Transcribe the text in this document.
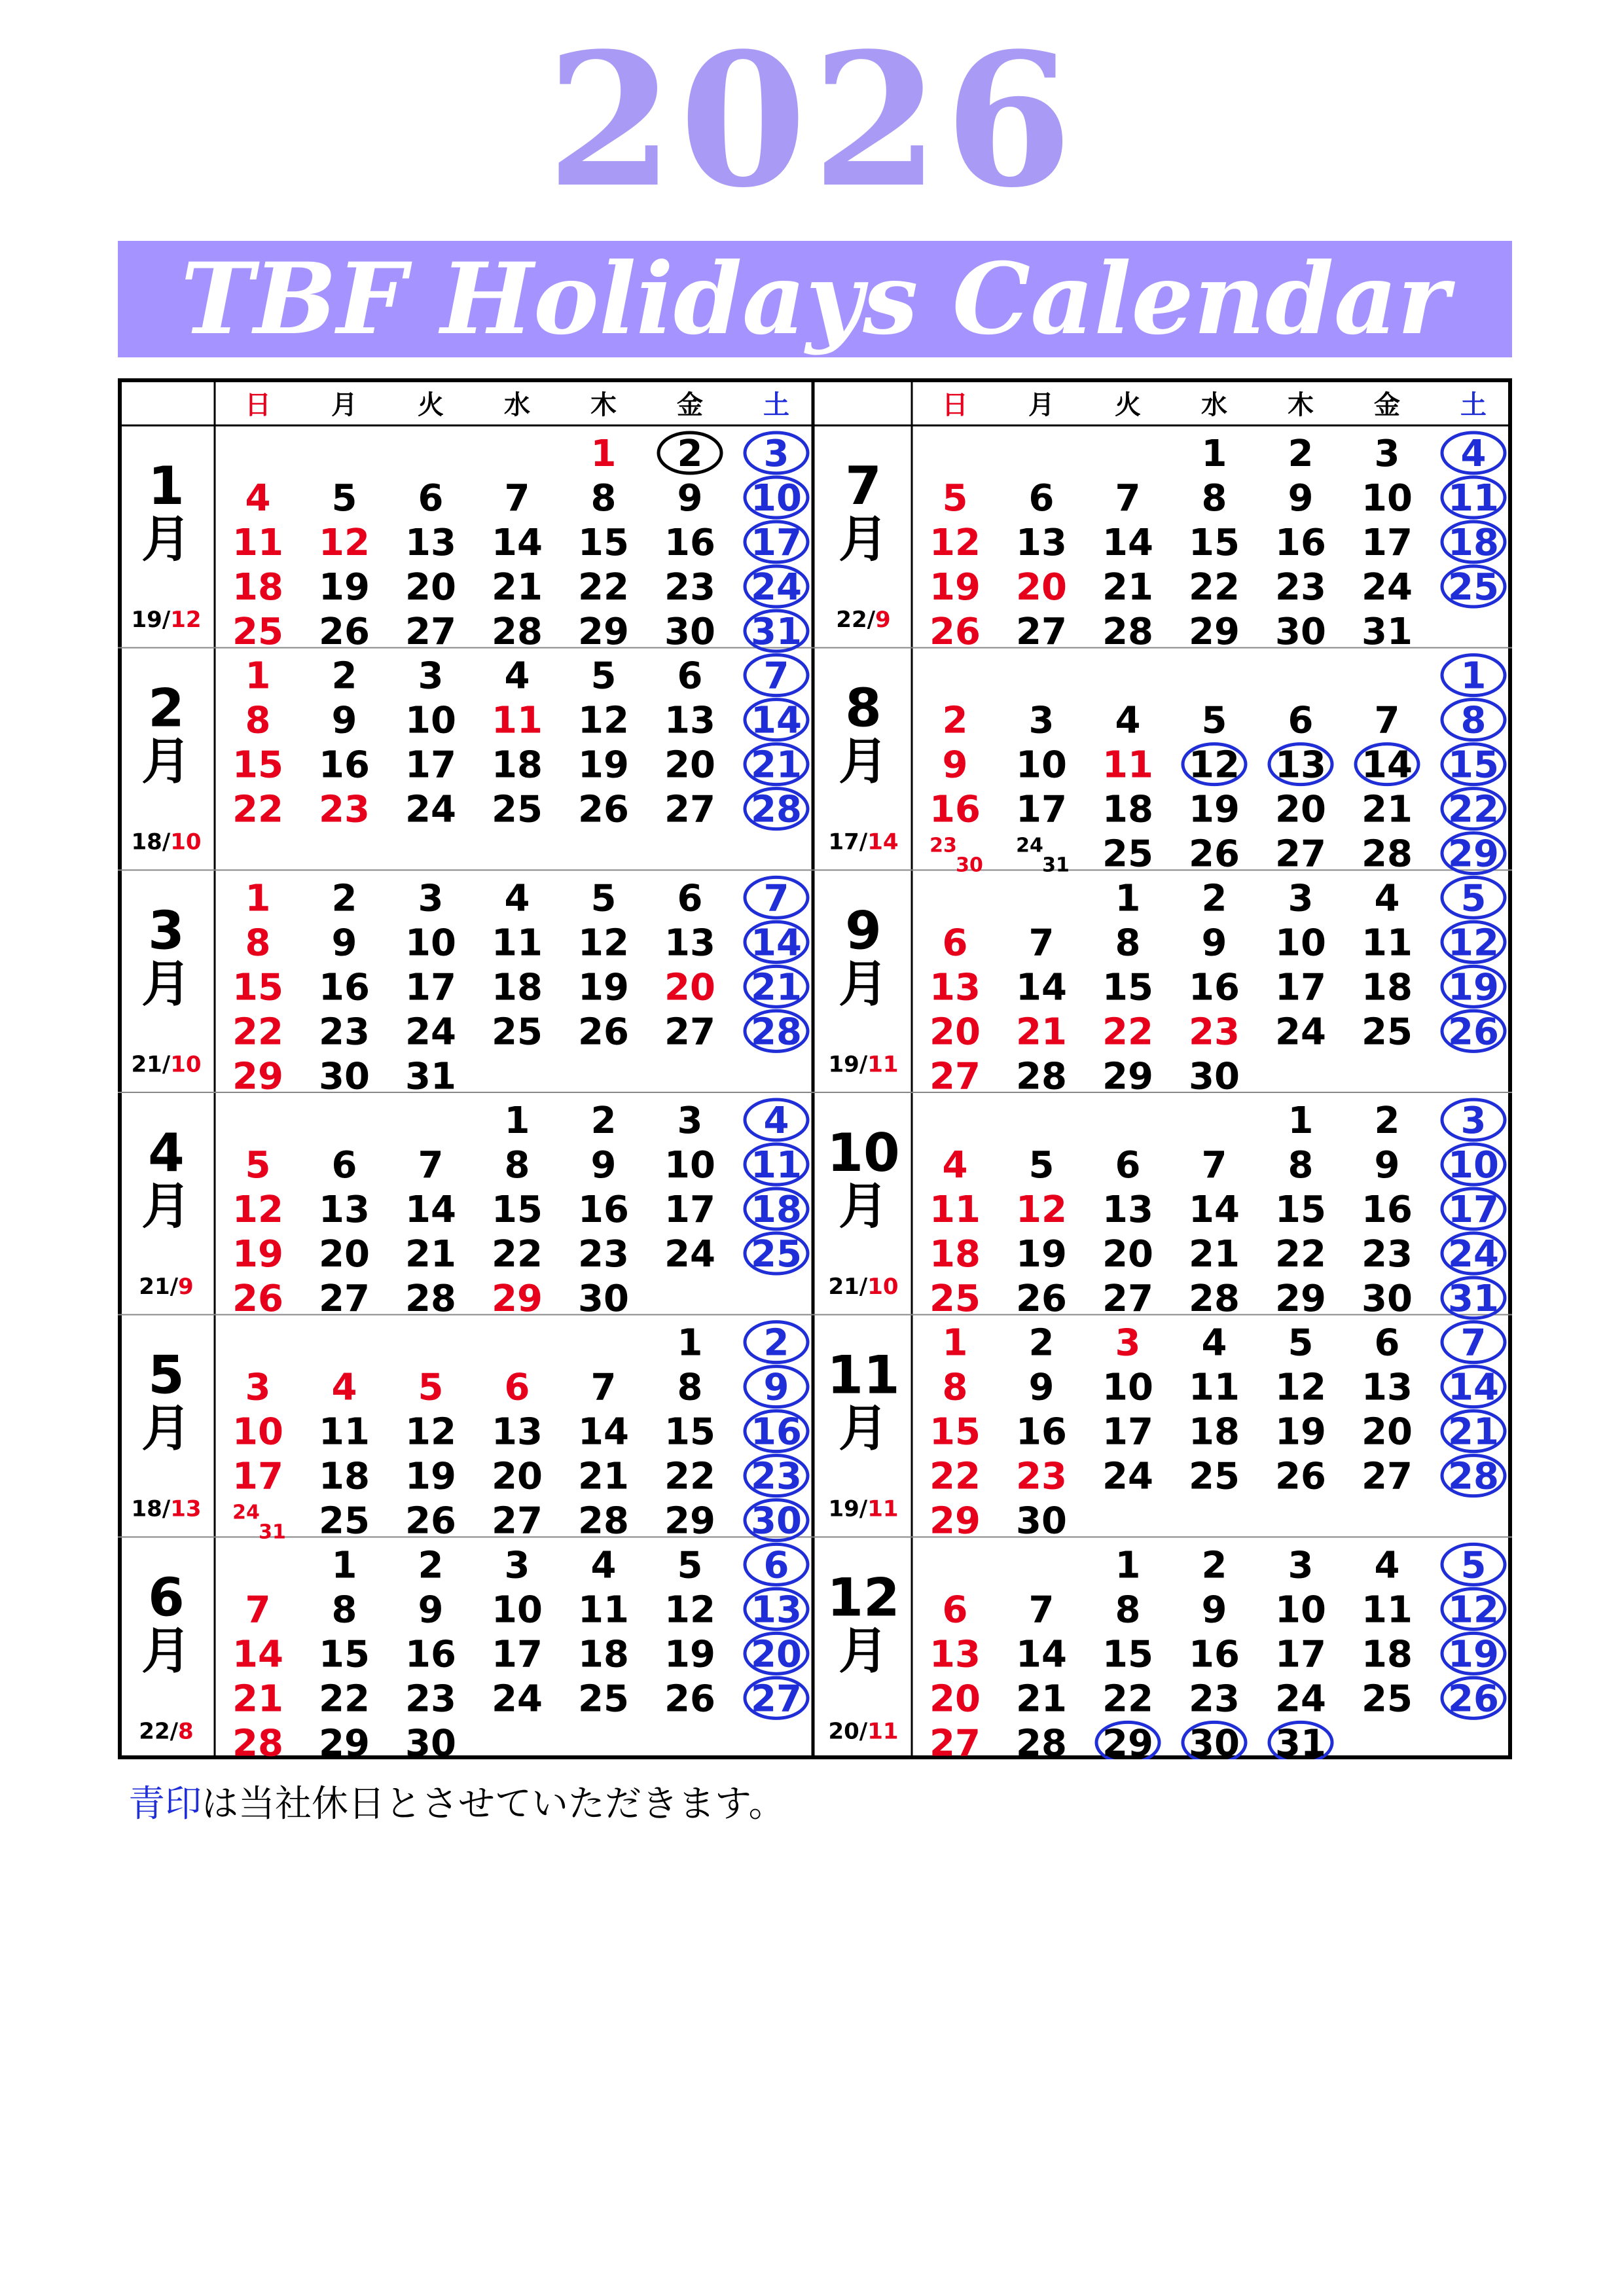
2026
TBF Holidays Calendar
日 月 火 水 木 金 土	日 月 火 水 木 金 土
1
月
19/12
1 2 3
4 5 6 7 8 9 10
11 12 13 14 15 16 17
18 19 20 21 22 23 24
25 26 27 28 29 30 31
2
月
18/10
1 2 3 4 5 6 7
8 9 10 11 12 13 14
15 16 17 18 19 20 21
22 23 24 25 26 27 28
3
月
21/10
1 2 3 4 5 6 7
8 9 10 11 12 13 14
15 16 17 18 19 20 21
22 23 24 25 26 27 28
29 30 31
4
月
21/9
1 2 3 4
5 6 7 8 9 10 11
12 13 14 15 16 17 18
19 20 21 22 23 24 25
26 27 28 29 30
5
月
18/13
1 2
3 4 5 6 7 8 9
10 11 12 13 14 15 16
17 18 19 20 21 22 23
24
31 25 26 27 28 29 30
6
月
22/8
1 2 3 4 5 6
7 8 9 10 11 12 13
14 15 16 17 18 19 20
21 22 23 24 25 26 27
28 29 30
7
月
22/9
1 2 3 4
5 6 7 8 9 10 11
12 13 14 15 16 17 18
19 20 21 22 23 24 25
26 27 28 29 30 31
8
月
17/14
1
2 3 4 5 6 7 8
9 10 11 12 13 14 15
16 17 18 19 20 21 22
23
30
24
31 25 26 27 28 29
9
月
19/11
1 2 3 4 5
6 7 8 9 10 11 12
13 14 15 16 17 18 19
20 21 22 23 24 25 26
27 28 29 30
10
月
21/10
1 2 3
4 5 6 7 8 9 10
11 12 13 14 15 16 17
18 19 20 21 22 23 24
25 26 27 28 29 30 31
11
月
19/11
1 2 3 4 5 6 7
8 9 10 11 12 13 14
15 16 17 18 19 20 21
22 23 24 25 26 27 28
29 30
12
月
20/11
1 2 3 4 5
6 7 8 9 10 11 12
13 14 15 16 17 18 19
20 21 22 23 24 25 26
27 28 29 30 31
青印は当社休日とさせていただきます。
